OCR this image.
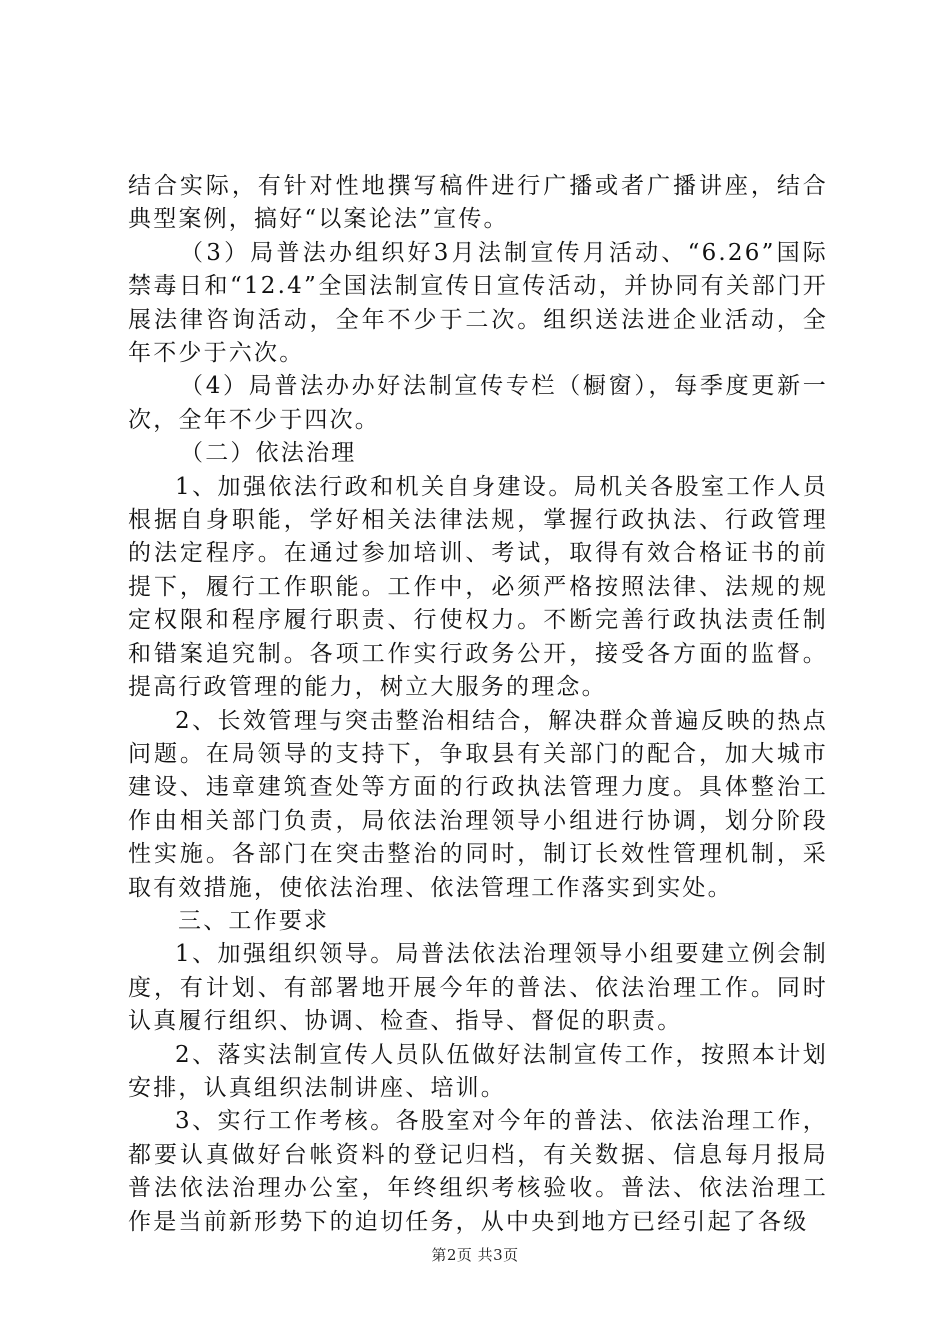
结合实际，有针对性地撰写稿件进行广播或者广播讲座，结合典型案例，搞好“以案论法”宣传。

（3）局普法办组织好3月法制宣传月活动、“6.26”国际禁毒日和“12.4”全国法制宣传日宣传活动，并协同有关部门开展法律咨询活动，全年不少于二次。组织送法进企业活动，全年不少于六次。

（4）局普法办办好法制宣传专栏（橱窗），每季度更新一次，全年不少于四次。

（二）依法治理

1、加强依法行政和机关自身建设。局机关各股室工作人员根据自身职能，学好相关法律法规，掌握行政执法、行政管理的法定程序。在通过参加培训、考试，取得有效合格证书的前提下，履行工作职能。工作中，必须严格按照法律、法规的规定权限和程序履行职责、行使权力。不断完善行政执法责任制和错案追究制。各项工作实行政务公开，接受各方面的监督。提高行政管理的能力，树立大服务的理念。

2、长效管理与突击整治相结合，解决群众普遍反映的热点问题。在局领导的支持下，争取县有关部门的配合，加大城市建设、违章建筑查处等方面的行政执法管理力度。具体整治工作由相关部门负责，局依法治理领导小组进行协调，划分阶段性实施。各部门在突击整治的同时，制订长效性管理机制，采取有效措施，使依法治理、依法管理工作落实到实处。

三、工作要求

1、加强组织领导。局普法依法治理领导小组要建立例会制度，有计划、有部署地开展今年的普法、依法治理工作。同时认真履行组织、协调、检查、指导、督促的职责。

2、落实法制宣传人员队伍做好法制宣传工作，按照本计划安排，认真组织法制讲座、培训。

3、实行工作考核。各股室对今年的普法、依法治理工作，都要认真做好台帐资料的登记归档，有关数据、信息每月报局普法依法治理办公室，年终组织考核验收。普法、依法治理工作是当前新形势下的迫切任务，从中央到地方已经引起了各级

第2页 共3页
